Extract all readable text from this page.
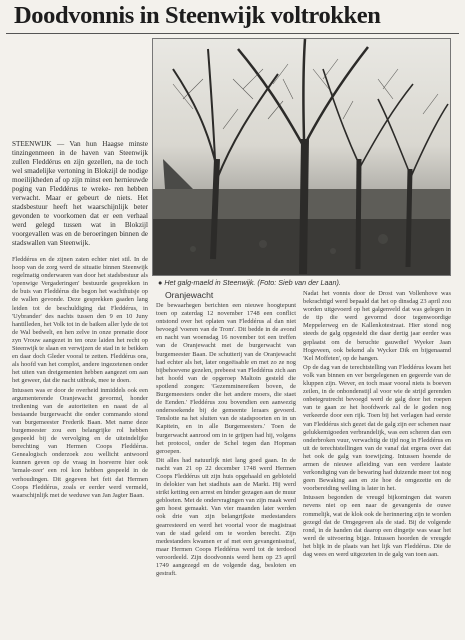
Doodvonnis in Steenwijk voltrokken
STEENWIJK — Van hun Haagse minste tinzingenmeen in de haven van Steenwijk zullen Fleddérus en zijn gezellen, na de toch wel smadelijke vertoning in Blokzijl de nodige moeilijkheden af op zijn minst een hernieuwde poging van Fleddérus te wreke- ren hebben verwacht. Maar er gebeurt de niets. Het stadsbestuur heeft het waarschijnlijk beter gevonden te voorkomen dat er een verhaal werd gelegd tussen wat in Blokzijl voorgevallen was en de beroeringen binnen de stadswallen van Steenwijk.
● Het galg-maeld in Steenwijk. (Foto: Sieb van der Laan).

Fleddérus en de zijnen zaten echter niet stil. In de hoop van de zorg werd de situatie binnen Steenwijk regelmatig onderwaren van door het stadsbestuur als 'openwige Vergaderingen' bestuurde gesprekken in de buis van Fleddérus die begon het wachthuisje op de wallen gevonde. Deze gesprekken gaaden lang leiden tot de beschuldiging dat Fleddérus, in 'Uybrander' des nachts tussen den 9 en 10 Juny hantilleden, het Volk tot in de baiken aller lyde de tot de Wal bedwelt, en hen zelve in onze prenatie door zyn Vrouw aangezet in ten onze laiden het recht op Steenwijk te slaan en verwijzen de stad in te beikken en daar doch Gleder vooral te zetten. Fleddérus ons, als hoofd van het complot, andere ingezetenen onder het uiten van dreigementen hebben aangezet om aan het geweer, dat die nacht uitbrak, mee te doen.

Intussen was er door de overheid inmiddels ook een argumenterende Oranjewacht gevormd, honder trediening van de autoriteiten en naast de al bestaande burgerwacht die onder commando stond van burgemeester Frederik Baan. Met name deze burgemeester zou een belangrijke rol hebben gespeeld bij de vervolging en de uiteindelijke berechting van Hermen Coops Fleddérus. Genealogisch onderzoek zou wellicht antwoord kunnen geven op de vraag in hoeverre hier ook 'iemale-zeer' een rol kon hebben gespeeld in de verhoudingen. Dit gegeven het feit dat Hermen Coops Fleddérus, zoals er eerder werd vermeld, waarschijnlijk met de weduwe van Jan Jagter Baan.

Oranjewacht

De bewaarhegen berichten een nieuwe hoogtepunt toen op zaterdag 12 november 1748 een conflict ontstond over het oplaten van Fleddérus al dan niet bevoegd 'voeren van de Trom'. Dit bedde in de avond en nacht van woensdag 16 november tot een treffen van de Oranjewacht met de burgerwacht van burgemeester Baan. De schutterij van de Oranjewacht had echter als het, later ongeëisable en met zo ze nog bijbehoevene gezelen, prebeest van Fleddérus zich aan het hoofd van de opgeroep Maltoin gesteld die spotlend zongen: 'Gezemminereiken boven, de Burgemeesters onder die het andere moers, die staet de Eenden.' Fleddérus zou bovendien een aanwezig ondersoekende bij de gemeente leraars gevoerd. Tenslotte na het sluiten van de stadspoorten en in un Kapitein, en in alle Burgemeesters.' Toen de burgerwacht aanrood om in te grijpen had hij, volgens het protocol, onder de Schel tegen dan Hopman geroepen.

Dit alles had natuurlijk niet lang goed gaan. In de nacht van 21 op 22 december 1748 werd Hermen Coops Fleddérus uit zijn huis opgehaald en gebloteld in delokier van het stadhuis aan de Markt. Hij werd strikt ketting een arrest en hinder gezagen aan de muur gebloeten. Met de ondervragingen van zijn maak werd gen hoest gemaakt. Van vier maanden later werden ook drie van zijn belangrijkste medestanders gearresteerd en werd het voortal voor de magistraat van de stad geleid om te worden berecht. Zijn medestanders kwamen er af met een gevangenisstraf, maar Hermen Coops Fleddérus werd tot de terdood veroordeeld. Zijn doodvonnis werd hem op 23 april 1749 aangezegd en de volgende dag, besloten en gestraft.

Nadat het vonnis door de Drost van Vollenhove was bekrachtigd werd bepaald dat het op dinsdag 23 april zou worden uitgevoerd op het galgenveld dat was gelegen in de tip die werd gevormd door tegenwoordige Meppelerweg en de Kallenkotestraat. Hier stond nog steeds de galg opgesteld die daar dertig jaar eerder was geplaatst om de beruchte gauwdief Wyeker Jaan Hogeveen, ook bekend als Wycker Dik en bijgenaamd 'Kel Moffeten', op de hangen.

Op de dag van de terechtstelling van Fleddérus kwam het volk van binnen en ver bergelegenen en gegeerde van de kluppen zijn. Wever, en toch maar vooral niets is boeven zeilen, in de onbondenstijl al voor wie de strijd gerenden onbetegrutrecht bevoegd werd de galg door het roepen van te gaan ze het hoofdwerk zal de le goden nog verkeerde door een rijk. Toen bij het verlagen had eerste van Fleddérus sich gezet dat de galg zijn eer schenen naar gelukkemigoeden verbrandelijk, was een scheren dan een onderbroken vuur, verwachtig de tijd nog in Fleddérus en uit de terechtstellingen van de vanaf dat ergens over dat het ook de galg van toewijzing. Intussen hoende de armen de nieuwe afleiding van een verdere laatste verkondiging van de bewaring had duizende meer tot nog geen Bewaking aan en zie hoe de omgezette en de voorbereiding welling is later in het.

Intussen begonden de vreugd bijkomingen dat waren nevens niet op een naar de gevangenis de ouwe rommelijk, wat de klok ook de herinnering zijn te worden gezegd dat de Omgegeven als de stad. Bij de volgende rond, in de handen dat daarop een dingetje was waar het werd de uitvoering bijge. Intussen hoorden de vreugde het blijk in de plaats van het lijk van Fleddérus. Die de dag wees en werd uitgezeten in de galg van toen aan.
